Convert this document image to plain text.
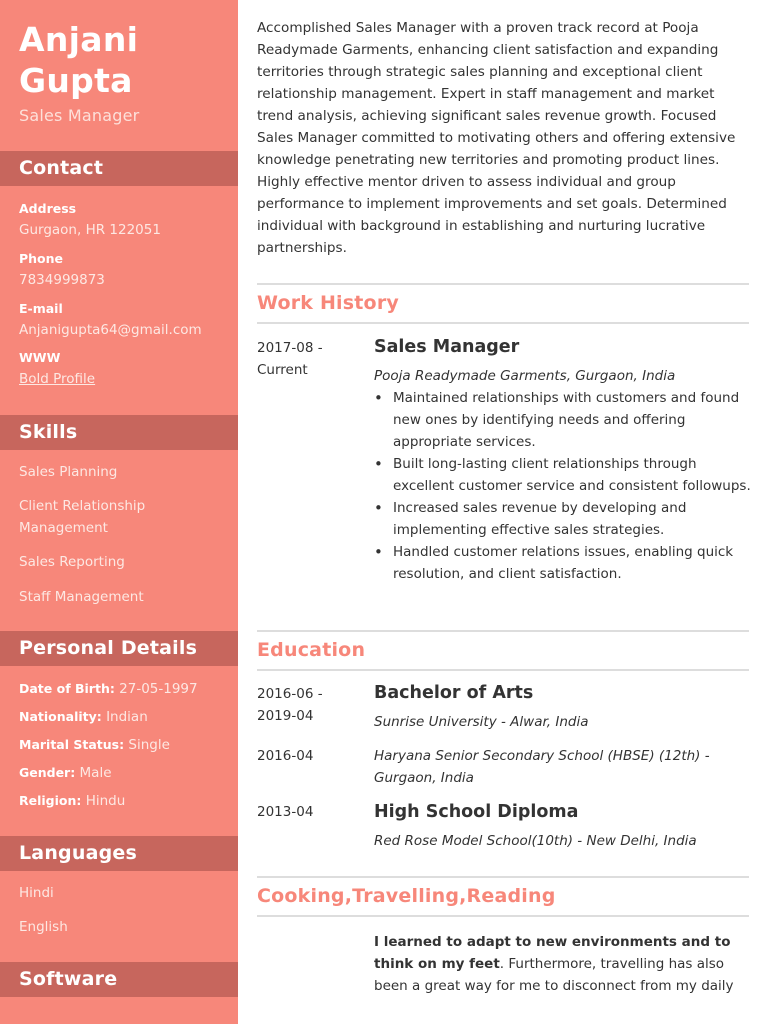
Anjani
Gupta
Sales Manager
Contact
Address
Gurgaon, HR 122051
Phone
7834999873
E-mail
Anjanigupta64@gmail.com
WWW
Bold Profile
Skills
Sales Planning
Client Relationship Management
Sales Reporting
Staff Management
Personal Details
Date of Birth: 27-05-1997
Nationality: Indian
Marital Status: Single
Gender: Male
Religion: Hindu
Languages
Hindi
English
Software
Accomplished Sales Manager with a proven track record at Pooja Readymade Garments, enhancing client satisfaction and expanding territories through strategic sales planning and exceptional client relationship management. Expert in staff management and market trend analysis, achieving significant sales revenue growth. Focused Sales Manager committed to motivating others and offering extensive knowledge penetrating new territories and promoting product lines. Highly effective mentor driven to assess individual and group performance to implement improvements and set goals. Determined individual with background in establishing and nurturing lucrative partnerships.
Work History
2017-08 -
Current
Sales Manager
Pooja Readymade Garments, Gurgaon, India
• Maintained relationships with customers and found new ones by identifying needs and offering appropriate services.
• Built long-lasting client relationships through excellent customer service and consistent followups.
• Increased sales revenue by developing and implementing effective sales strategies.
• Handled customer relations issues, enabling quick resolution, and client satisfaction.
Education
2016-06 -
2019-04
Bachelor of Arts
Sunrise University - Alwar, India
2016-04	Haryana Senior Secondary School (HBSE) (12th) -
Gurgaon, India
2013-04	High School Diploma
Red Rose Model School(10th) - New Delhi, India
Cooking,Travelling,Reading
I learned to adapt to new environments and to think on my feet. Furthermore, travelling has also been a great way for me to disconnect from my daily
